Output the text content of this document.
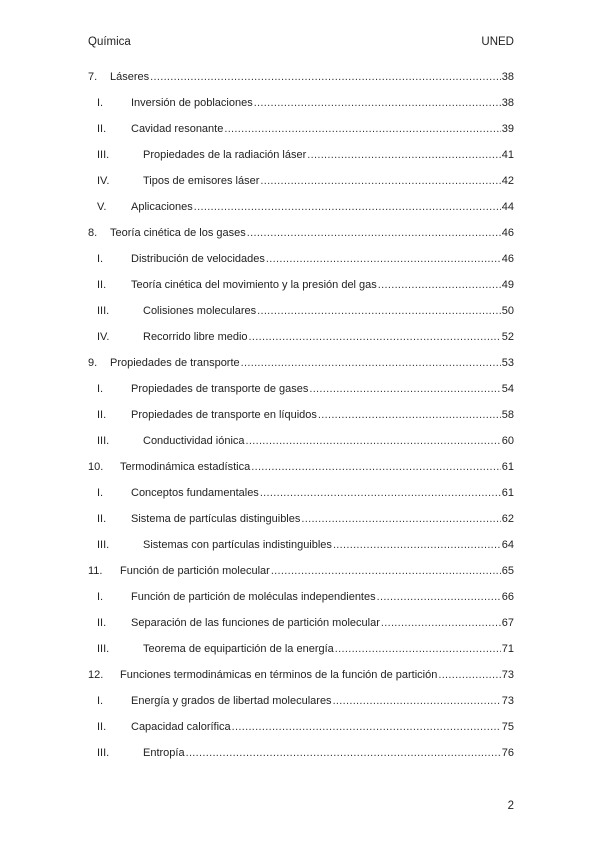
Química	UNED
7.	Láseres .....	38
I.	Inversión de poblaciones .....	38
II.	Cavidad resonante .....	39
III.	Propiedades de la radiación láser .....	41
IV.	Tipos de emisores láser .....	42
V.	Aplicaciones .....	44
8.	Teoría cinética de los gases .....	46
I.	Distribución de velocidades .....	46
II.	Teoría cinética del movimiento y la presión del gas .....	49
III.	Colisiones moleculares .....	50
IV.	Recorrido libre medio .....	52
9.	Propiedades de transporte .....	53
I.	Propiedades de transporte de gases .....	54
II.	Propiedades de transporte en líquidos .....	58
III.	Conductividad iónica .....	60
10.	Termodinámica estadística .....	61
I.	Conceptos fundamentales .....	61
II.	Sistema de partículas distinguibles .....	62
III.	Sistemas con partículas indistinguibles .....	64
11.	Función de partición molecular .....	65
I.	Función de partición de moléculas independientes .....	66
II.	Separación de las funciones de partición molecular .....	67
III.	Teorema de equipartición de la energía .....	71
12.	Funciones termodinámicas en términos de la función de partición .....	73
I.	Energía y grados de libertad moleculares .....	73
II.	Capacidad calorífica .....	75
III.	Entropía .....	76
2
